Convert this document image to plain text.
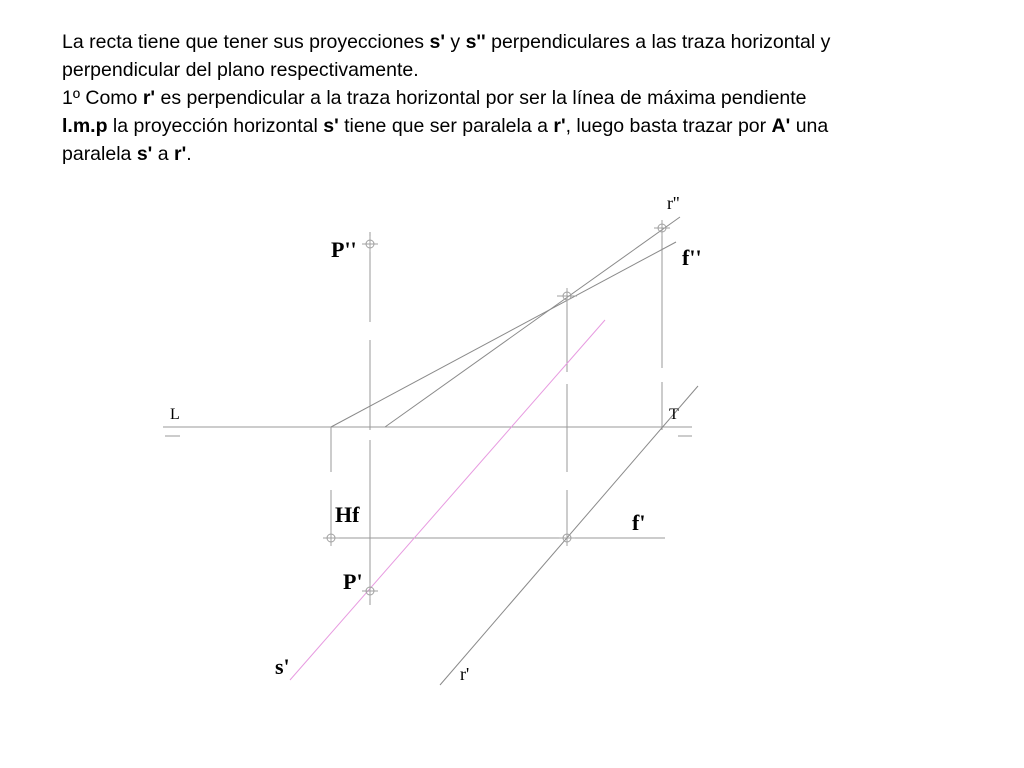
La recta tiene que tener sus proyecciones s' y s'' perpendiculares a las traza horizontal y

perpendicular del plano respectivamente.

1º Como r' es perpendicular a la traza horizontal por ser la línea de máxima pendiente

l.m.p la proyección horizontal s' tiene que ser paralela a r', luego basta trazar por A' una

paralela s' a r'.

r''
P''	f''
L	T
Hf	f'
P'
s'	r'
